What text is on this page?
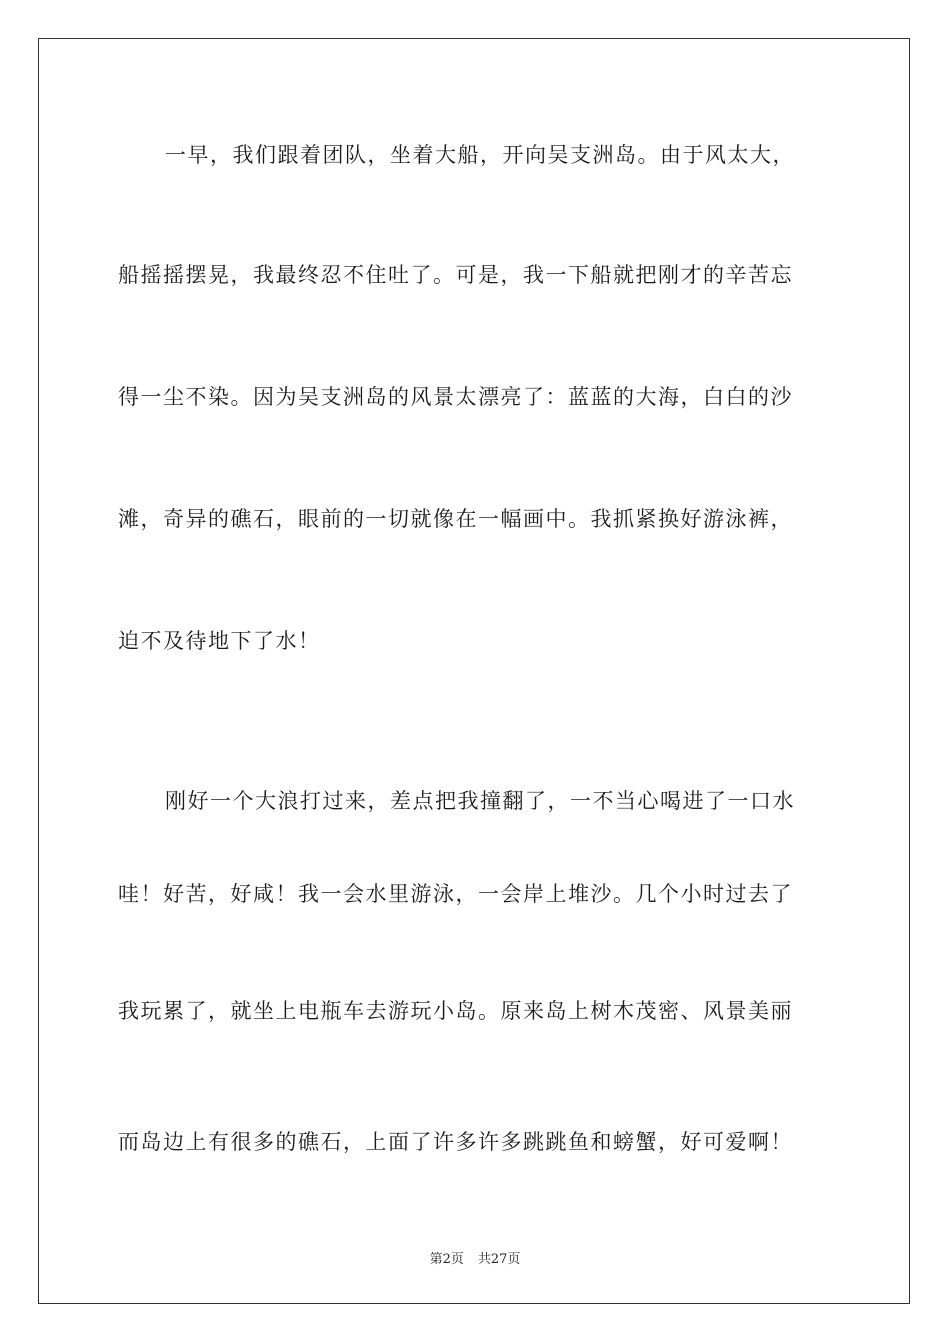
一早，我们跟着团队，坐着大船，开向吴支洲岛。由于风太大，
船摇摇摆晃，我最终忍不住吐了。可是，我一下船就把刚才的辛苦忘
得一尘不染。因为吴支洲岛的风景太漂亮了：蓝蓝的大海，白白的沙
滩，奇异的礁石，眼前的一切就像在一幅画中。我抓紧换好游泳裤，
迫不及待地下了水！
刚好一个大浪打过来，差点把我撞翻了，一不当心喝进了一口水
哇！好苦，好咸！我一会水里游泳，一会岸上堆沙。几个小时过去了
我玩累了，就坐上电瓶车去游玩小岛。原来岛上树木茂密、风景美丽
而岛边上有很多的礁石，上面了许多许多跳跳鱼和螃蟹，好可爱啊！
第2页 共27页
